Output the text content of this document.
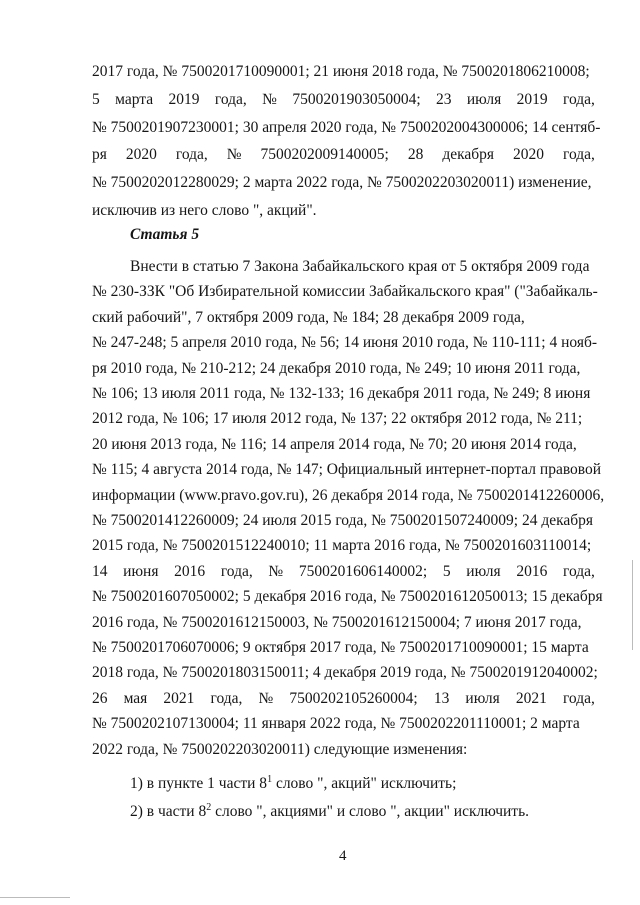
2017 года, № 7500201710090001; 21 июня 2018 года, № 7500201806210008;
5 марта 2019 года, № 7500201903050004; 23 июля 2019 года,
№ 7500201907230001; 30 апреля 2020 года, № 7500202004300006; 14 сентяб-
ря 2020 года, № 7500202009140005; 28 декабря 2020 года,
№ 7500202012280029; 2 марта 2022 года, № 7500202203020011) изменение,
исключив из него слово ", акций".
Статья 5
Внести в статью 7 Закона Забайкальского края от 5 октября 2009 года
№ 230-ЗЗК "Об Избирательной комиссии Забайкальского края" ("Забайкаль-
ский рабочий", 7 октября 2009 года, № 184; 28 декабря 2009 года,
№ 247-248; 5 апреля 2010 года, № 56; 14 июня 2010 года, № 110-111; 4 нояб-
ря 2010 года, № 210-212; 24 декабря 2010 года, № 249; 10 июня 2011 года,
№ 106; 13 июля 2011 года, № 132-133; 16 декабря 2011 года, № 249; 8 июня
2012 года, № 106; 17 июля 2012 года, № 137; 22 октября 2012 года, № 211;
20 июня 2013 года, № 116; 14 апреля 2014 года, № 70; 20 июня 2014 года,
№ 115; 4 августа 2014 года, № 147; Официальный интернет-портал правовой
информации (www.pravo.gov.ru), 26 декабря 2014 года, № 7500201412260006,
№ 7500201412260009; 24 июля 2015 года, № 7500201507240009; 24 декабря
2015 года, № 7500201512240010; 11 марта 2016 года, № 7500201603110014;
14 июня 2016 года, № 7500201606140002; 5 июля 2016 года,
№ 7500201607050002; 5 декабря 2016 года, № 7500201612050013; 15 декабря
2016 года, № 7500201612150003, № 7500201612150004; 7 июня 2017 года,
№ 7500201706070006; 9 октября 2017 года, № 7500201710090001; 15 марта
2018 года, № 7500201803150011; 4 декабря 2019 года, № 7500201912040002;
26 мая 2021 года, № 7500202105260004; 13 июля 2021 года,
№ 7500202107130004; 11 января 2022 года, № 7500202201110001; 2 марта
2022 года, № 7500202203020011) следующие изменения:
1) в пункте 1 части $8^1$ слово ", акций" исключить;
2) в части $8^2$ слово ", акциями" и слово ", акции" исключить.
4
